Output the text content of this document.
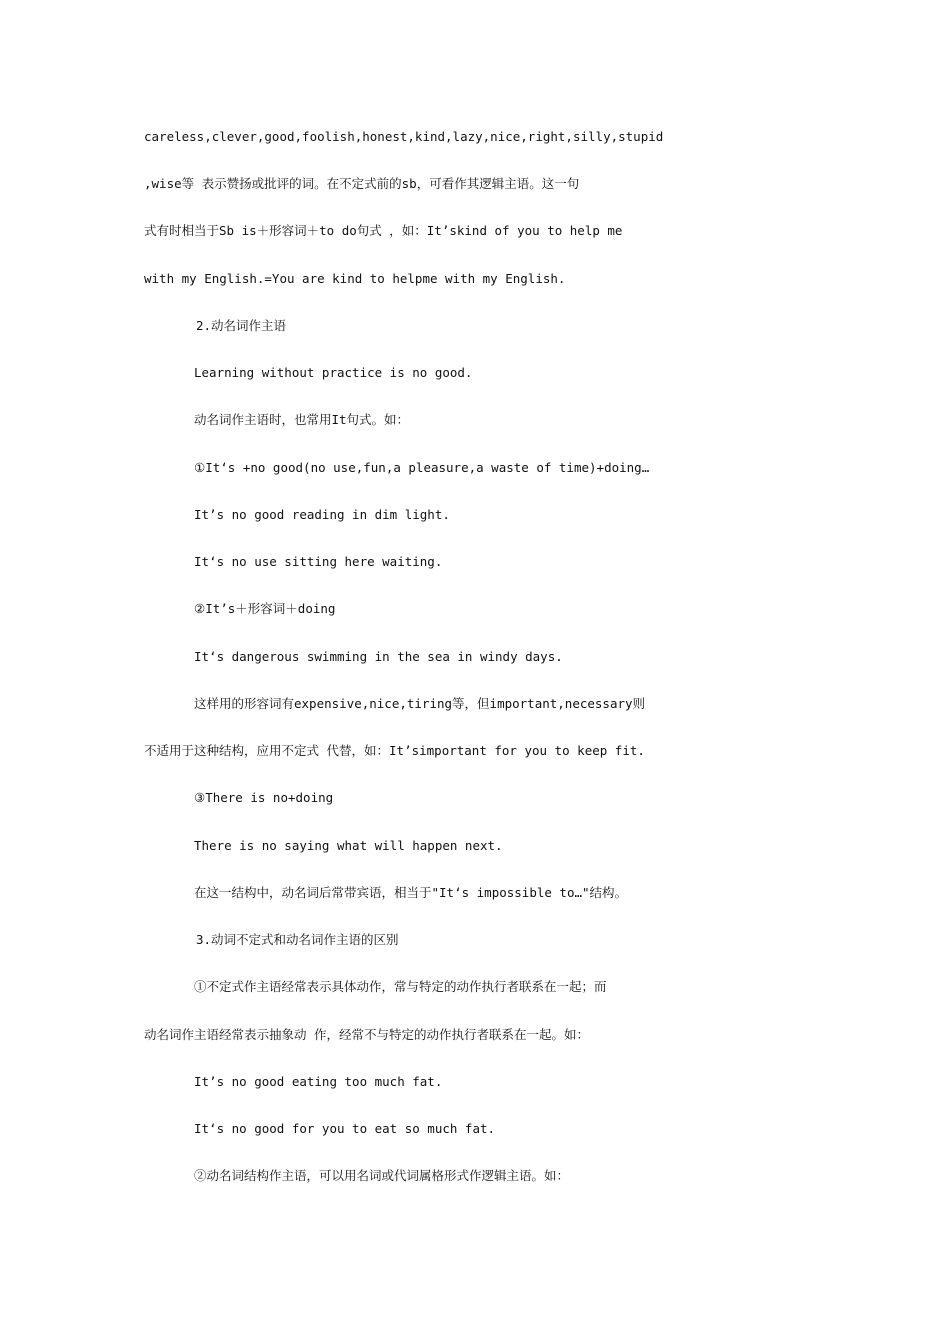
careless,clever,good,foolish,honest,kind,lazy,nice,right,silly,stupid
,wise等 表示赞扬或批评的词。在不定式前的sb，可看作其逻辑主语。这一句
式有时相当于Sb is＋形容词＋to do句式 ，如：It’skind of you to help me
with my English.=You are kind to helpme with my English.
2.动名词作主语
Learning without practice is no good.
动名词作主语时，也常用It句式。如：
①It‘s +no good(no use,fun,a pleasure,a waste of time)+doing…
It’s no good reading in dim light.
It‘s no use sitting here waiting.
②It’s＋形容词＋doing
It‘s dangerous swimming in the sea in windy days.
这样用的形容词有expensive,nice,tiring等，但important,necessary则
不适用于这种结构，应用不定式 代替，如：It’simportant for you to keep fit.
③There is no+doing
There is no saying what will happen next.
在这一结构中，动名词后常带宾语，相当于"It‘s impossible to…"结构。
3.动词不定式和动名词作主语的区别
①不定式作主语经常表示具体动作，常与特定的动作执行者联系在一起；而
动名词作主语经常表示抽象动 作，经常不与特定的动作执行者联系在一起。如：
It’s no good eating too much fat.
It‘s no good for you to eat so much fat.
②动名词结构作主语，可以用名词或代词属格形式作逻辑主语。如：
